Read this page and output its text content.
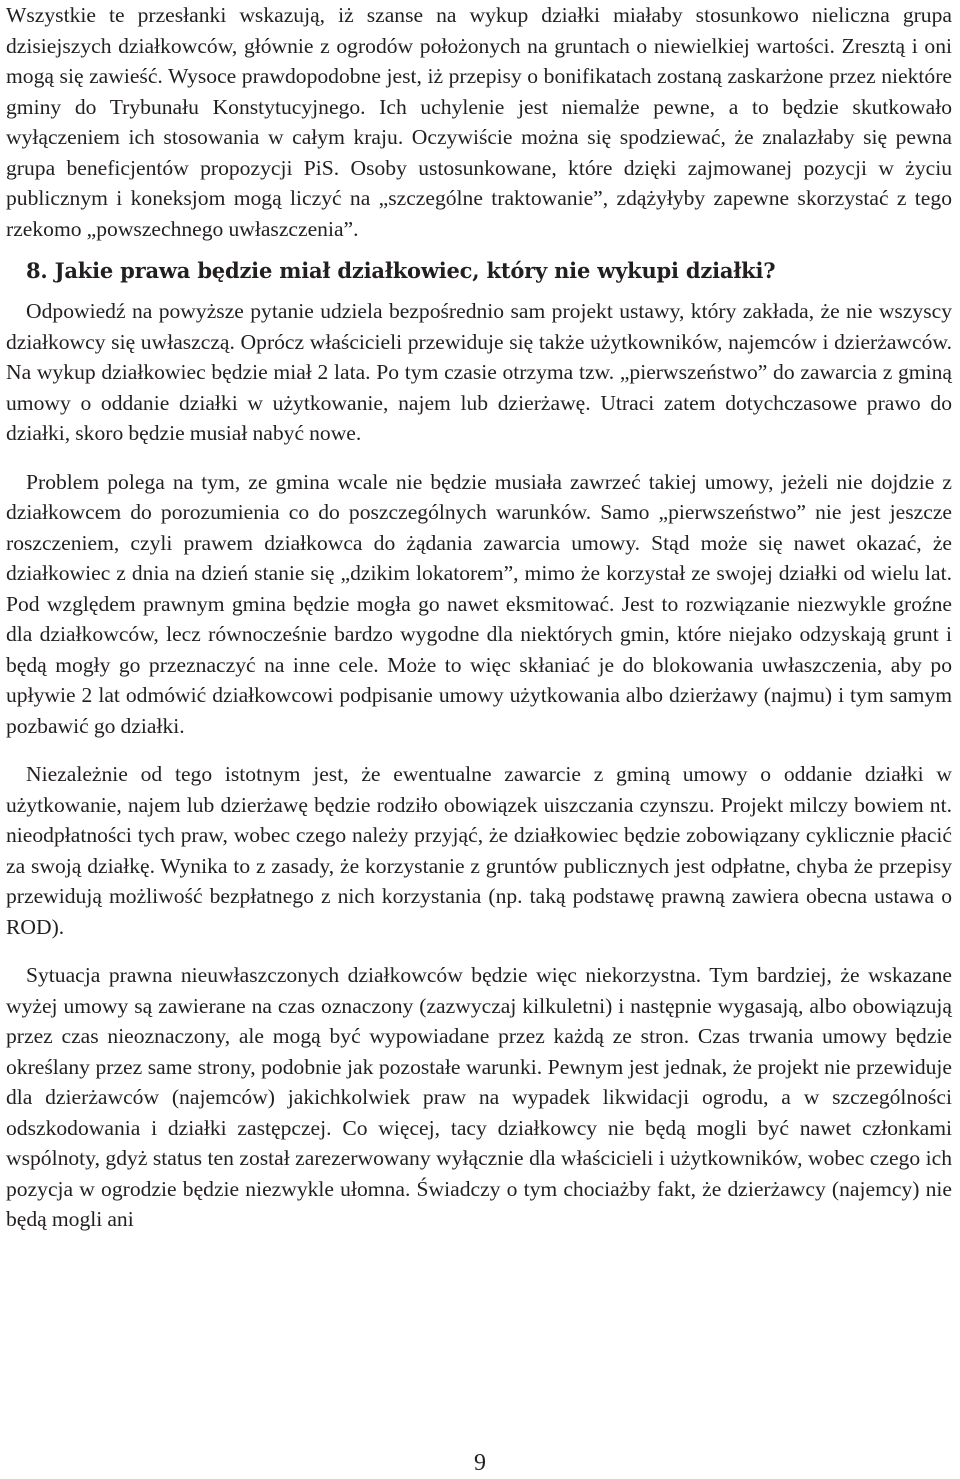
Wszystkie te przesłanki wskazują, iż szanse na wykup działki miałaby stosunkowo nieliczna grupa dzisiejszych działkowców, głównie z ogrodów położonych na gruntach o niewielkiej wartości. Zresztą i oni mogą się zawieść. Wysoce prawdopodobne jest, iż przepisy o bonifikatach zostaną zaskarżone przez niektóre gminy do Trybunału Konstytucyjnego. Ich uchylenie jest niemalże pewne, a to będzie skutkowało wyłączeniem ich stosowania w całym kraju. Oczywiście można się spodziewać, że znalazłaby się pewna grupa beneficjentów propozycji PiS. Osoby ustosunkowane, które dzięki zajmowanej pozycji w życiu publicznym i koneksjom mogą liczyć na „szczególne traktowanie”, zdążyłyby zapewne skorzystać z tego rzekomo „powszechnego uwłaszczenia”.

8. Jakie prawa będzie miał działkowiec, który nie wykupi działki?

Odpowiedź na powyższe pytanie udziela bezpośrednio sam projekt ustawy, który zakłada, że nie wszyscy działkowcy się uwłaszczą. Oprócz właścicieli przewiduje się także użytkowników, najemców i dzierżawców. Na wykup działkowiec będzie miał 2 lata. Po tym czasie otrzyma tzw. „pierwszeństwo” do zawarcia z gminą umowy o oddanie działki w użytkowanie, najem lub dzierżawę. Utraci zatem dotychczasowe prawo do działki, skoro będzie musiał nabyć nowe.

Problem polega na tym, ze gmina wcale nie będzie musiała zawrzeć takiej umowy, jeżeli nie dojdzie z działkowcem do porozumienia co do poszczególnych warunków. Samo „pierwszeństwo” nie jest jeszcze roszczeniem, czyli prawem działkowca do żądania zawarcia umowy. Stąd może się nawet okazać, że działkowiec z dnia na dzień stanie się „dzikim lokatorem”, mimo że korzystał ze swojej działki od wielu lat. Pod względem prawnym gmina będzie mogła go nawet eksmitować. Jest to rozwiązanie niezwykle groźne dla działkowców, lecz równocześnie bardzo wygodne dla niektórych gmin, które niejako odzyskają grunt i będą mogły go przeznaczyć na inne cele. Może to więc skłaniać je do blokowania uwłaszczenia, aby po upływie 2 lat odmówić działkowcowi podpisanie umowy użytkowania albo dzierżawy (najmu) i tym samym pozbawić go działki.

Niezależnie od tego istotnym jest, że ewentualne zawarcie z gminą umowy o oddanie działki w użytkowanie, najem lub dzierżawę będzie rodziło obowiązek uiszczania czynszu. Projekt milczy bowiem nt. nieodpłatności tych praw, wobec czego należy przyjąć, że działkowiec będzie zobowiązany cyklicznie płacić za swoją działkę. Wynika to z zasady, że korzystanie z gruntów publicznych jest odpłatne, chyba że przepisy przewidują możliwość bezpłatnego z nich korzystania (np. taką podstawę prawną zawiera obecna ustawa o ROD).

Sytuacja prawna nieuwłaszczonych działkowców będzie więc niekorzystna. Tym bardziej, że wskazane wyżej umowy są zawierane na czas oznaczony (zazwyczaj kilkuletni) i następnie wygasają, albo obowiązują przez czas nieoznaczony, ale mogą być wypowiadane przez każdą ze stron. Czas trwania umowy będzie określany przez same strony, podobnie jak pozostałe warunki. Pewnym jest jednak, że projekt nie przewiduje dla dzierżawców (najemców) jakichkolwiek praw na wypadek likwidacji ogrodu, a w szczególności odszkodowania i działki zastępczej. Co więcej, tacy działkowcy nie będą mogli być nawet członkami wspólnoty, gdyż status ten został zarezerwowany wyłącznie dla właścicieli i użytkowników, wobec czego ich pozycja w ogrodzie będzie niezwykle ułomna. Świadczy o tym chociażby fakt, że dzierżawcy (najemcy) nie będą mogli ani

9
